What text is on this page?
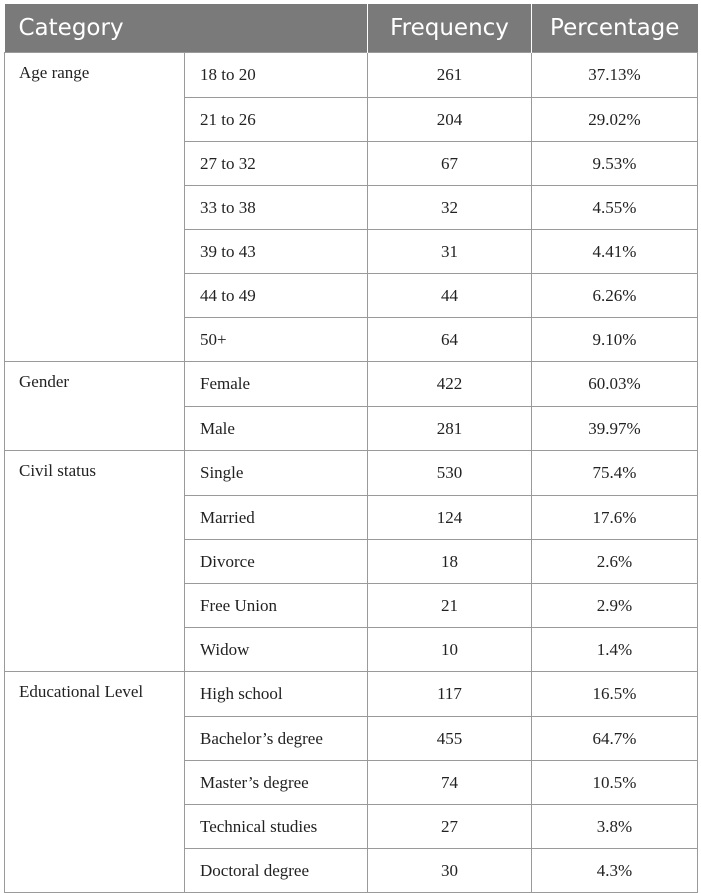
Category		Frequency	Percentage
Age range	18 to 20	261	37.13%
	21 to 26	204	29.02%
	27 to 32	67	9.53%
	33 to 38	32	4.55%
	39 to 43	31	4.41%
	44 to 49	44	6.26%
	50+	64	9.10%
Gender	Female	422	60.03%
	Male	281	39.97%
Civil status	Single	530	75.4%
	Married	124	17.6%
	Divorce	18	2.6%
	Free Union	21	2.9%
	Widow	10	1.4%
Educational Level	High school	117	16.5%
	Bachelor’s degree	455	64.7%
	Master’s degree	74	10.5%
	Technical studies	27	3.8%
	Doctoral degree	30	4.3%
